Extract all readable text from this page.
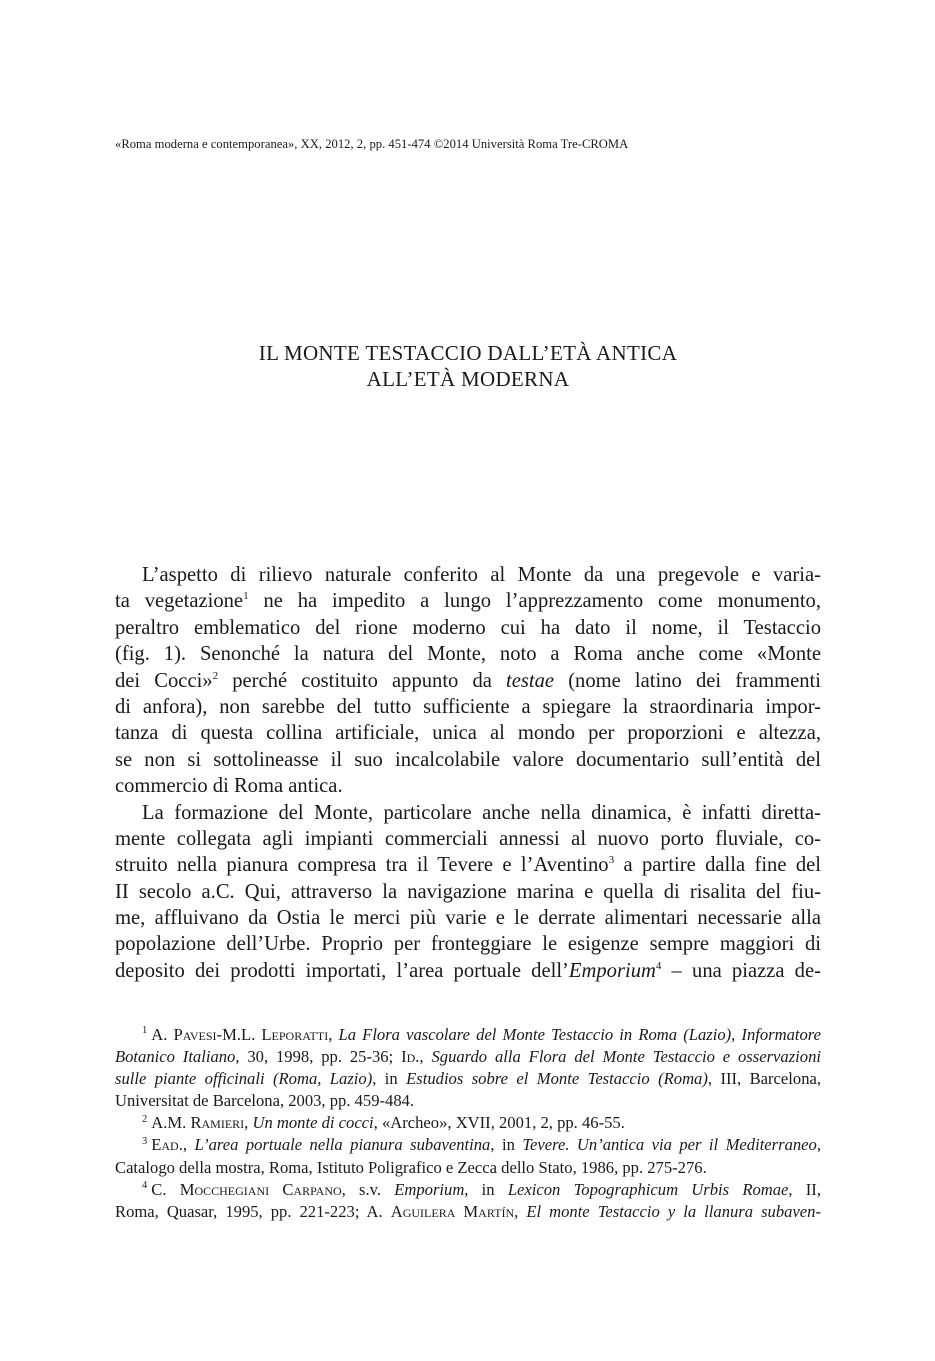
«Roma moderna e contemporanea», XX, 2012, 2, pp. 451-474 ©2014 Università Roma Tre-CROMA
IL MONTE TESTACCIO DALL’ETÀ ANTICA
ALL’ETÀ MODERNA
L’aspetto di rilievo naturale conferito al Monte da una pregevole e varia-
ta vegetazione$^1$ ne ha impedito a lungo l’apprezzamento come monumento,
peraltro emblematico del rione moderno cui ha dato il nome, il Testaccio
(fig. 1). Senonché la natura del Monte, noto a Roma anche come «Monte
dei Cocci»$^2$ perché costituito appunto da testae (nome latino dei frammenti
di anfora), non sarebbe del tutto sufficiente a spiegare la straordinaria impor-
tanza di questa collina artificiale, unica al mondo per proporzioni e altezza,
se non si sottolineasse il suo incalcolabile valore documentario sull’entità del
commercio di Roma antica.
La formazione del Monte, particolare anche nella dinamica, è infatti diretta-
mente collegata agli impianti commerciali annessi al nuovo porto fluviale, co-
struito nella pianura compresa tra il Tevere e l’Aventino$^3$ a partire dalla fine del
II secolo a.C. Qui, attraverso la navigazione marina e quella di risalita del fiu-
me, affluivano da Ostia le merci più varie e le derrate alimentari necessarie alla
popolazione dell’Urbe. Proprio per fronteggiare le esigenze sempre maggiori di
deposito dei prodotti importati, l’area portuale dell’Emporium$^4$ – una piazza de-
$^1$ A. Pavesi-M.L. Leporatti, La Flora vascolare del Monte Testaccio in Roma (Lazio), Informatore
Botanico Italiano, 30, 1998, pp. 25-36; Id., Sguardo alla Flora del Monte Testaccio e osservazioni
sulle piante officinali (Roma, Lazio), in Estudios sobre el Monte Testaccio (Roma), III, Barcelona,
Universitat de Barcelona, 2003, pp. 459-484.
$^2$ A.M. Ramieri, Un monte di cocci, «Archeo», XVII, 2001, 2, pp. 46-55.
$^3$ Ead., L’area portuale nella pianura subaventina, in Tevere. Un’antica via per il Mediterraneo,
Catalogo della mostra, Roma, Istituto Poligrafico e Zecca dello Stato, 1986, pp. 275-276.
$^4$ C. Mocchegiani Carpano, s.v. Emporium, in Lexicon Topographicum Urbis Romae, II,
Roma, Quasar, 1995, pp. 221-223; A. Aguilera Martín, El monte Testaccio y la llanura subaven-
